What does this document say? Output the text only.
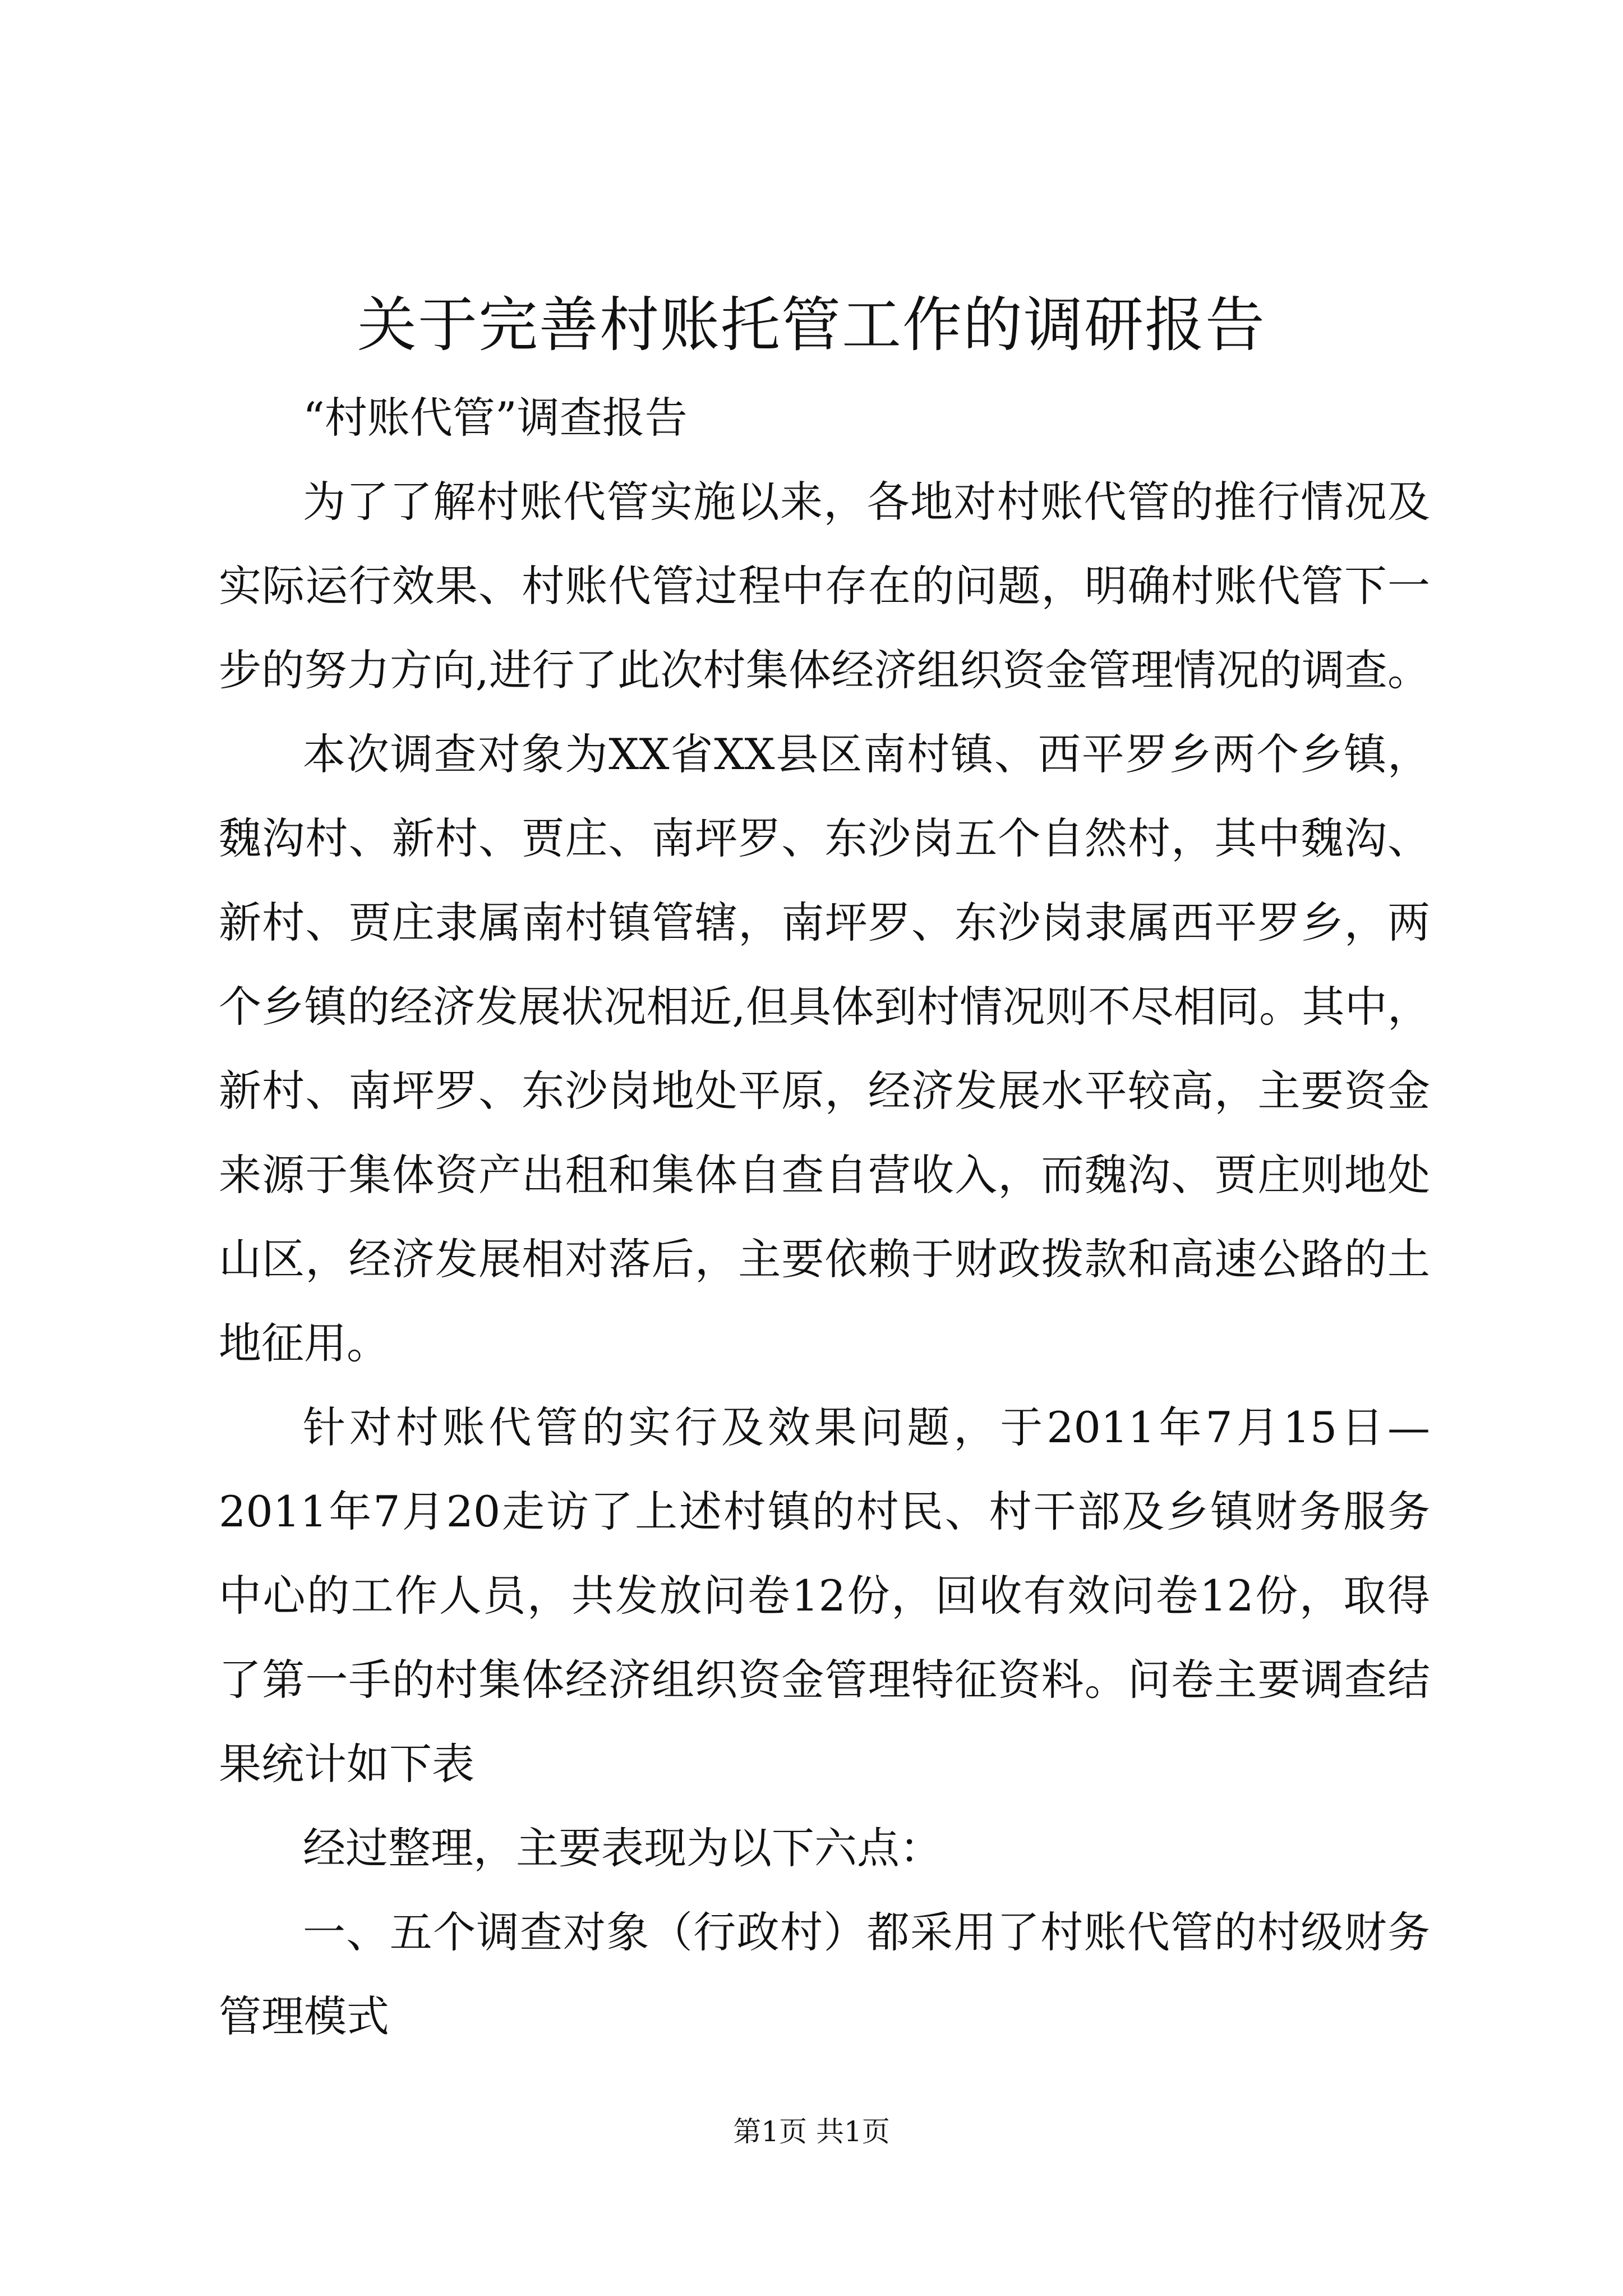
关于完善村账托管工作的调研报告
“村账代管”调查报告
为了了解村账代管实施以来，各地对村账代管的推行情况及
实际运行效果、村账代管过程中存在的问题，明确村账代管下一
步的努力方向,进行了此次村集体经济组织资金管理情况的调查。
本次调查对象为XX省XX县区南村镇、西平罗乡两个乡镇，
魏沟村、新村、贾庄、南坪罗、东沙岗五个自然村，其中魏沟、
新村、贾庄隶属南村镇管辖，南坪罗、东沙岗隶属西平罗乡，两
个乡镇的经济发展状况相近,但具体到村情况则不尽相同。其中，
新村、南坪罗、东沙岗地处平原，经济发展水平较高，主要资金
来源于集体资产出租和集体自查自营收入，而魏沟、贾庄则地处
山区，经济发展相对落后，主要依赖于财政拨款和高速公路的土
地征用。
针对村账代管的实行及效果问题，于2011年7月15日—
2011年7月20走访了上述村镇的村民、村干部及乡镇财务服务
中心的工作人员，共发放问卷12份，回收有效问卷12份，取得
了第一手的村集体经济组织资金管理特征资料。问卷主要调查结
果统计如下表
经过整理，主要表现为以下六点：
一、五个调查对象（行政村）都采用了村账代管的村级财务
管理模式
第1页 共1页
